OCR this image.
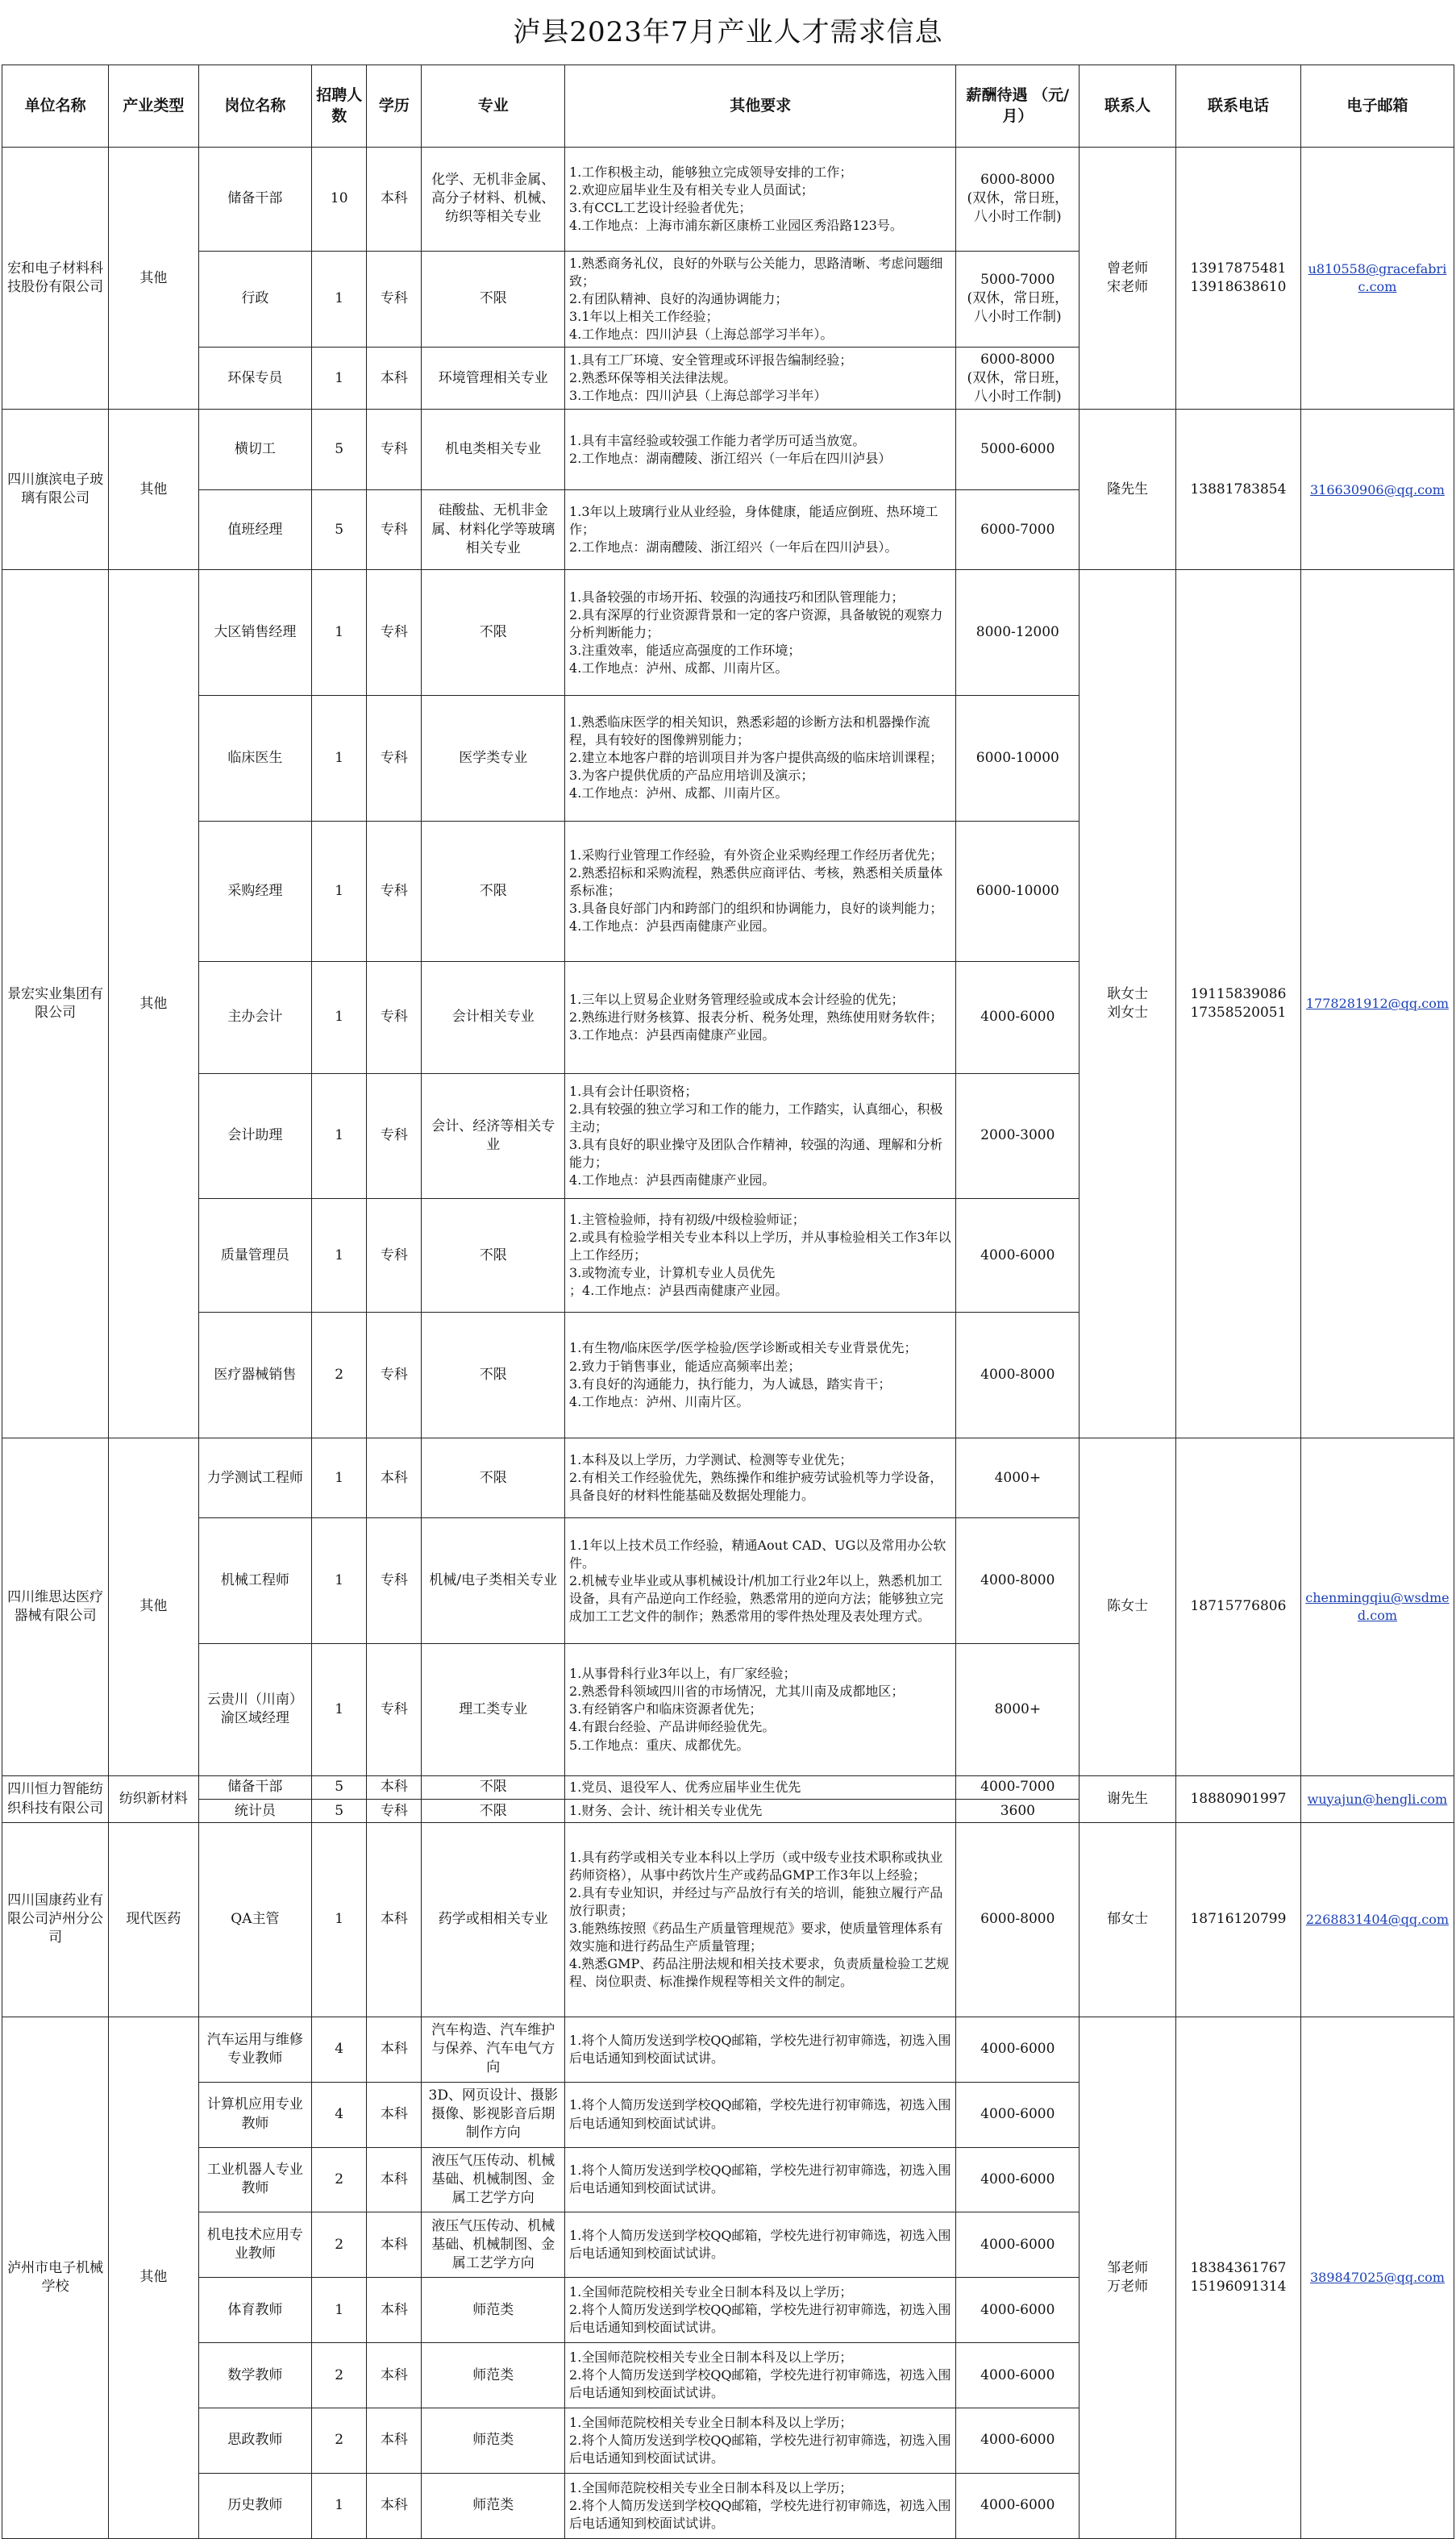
泸县2023年7月产业人才需求信息
单位名称	产业类型	岗位名称	招聘人数	学历	专业	其他要求	薪酬待遇 （元/月）	联系人	联系电话	电子邮箱
宏和电子材料科技股份有限公司	其他	储备干部	10	本科	化学、无机非金属、高分子材料、机械、纺织等相关专业	1.工作积极主动，能够独立完成领导安排的工作；
2.欢迎应届毕业生及有相关专业人员面试；
3.有CCL工艺设计经验者优先；
4.工作地点：上海市浦东新区康桥工业园区秀沿路123号。	6000-8000
(双休，常日班，八小时工作制)	曾老师
宋老师	13917875481
13918638610	u810558@gracefabric.com
		行政	1	专科	不限	1.熟悉商务礼仪，良好的外联与公关能力，思路清晰、考虑问题细致；
2.有团队精神、良好的沟通协调能力；
3.1年以上相关工作经验；
4.工作地点：四川泸县（上海总部学习半年）。	5000-7000
(双休，常日班，八小时工作制)			
		环保专员	1	本科	环境管理相关专业	1.具有工厂环境、安全管理或环评报告编制经验；
2.熟悉环保等相关法律法规。
3.工作地点：四川泸县（上海总部学习半年）	6000-8000
(双休，常日班，八小时工作制)			
四川旗滨电子玻璃有限公司	其他	横切工	5	专科	机电类相关专业	1.具有丰富经验或较强工作能力者学历可适当放宽。
2.工作地点：湖南醴陵、浙江绍兴（一年后在四川泸县）	5000-6000	隆先生	13881783854	316630906@qq.com
		值班经理	5	专科	硅酸盐、无机非金属、材料化学等玻璃相关专业	1.3年以上玻璃行业从业经验，身体健康，能适应倒班、热环境工作；
2.工作地点：湖南醴陵、浙江绍兴（一年后在四川泸县）。	6000-7000			
景宏实业集团有限公司	其他	大区销售经理	1	专科	不限	1.具备较强的市场开拓、较强的沟通技巧和团队管理能力；
2.具有深厚的行业资源背景和一定的客户资源，具备敏锐的观察力分析判断能力；
3.注重效率，能适应高强度的工作环境；
4.工作地点：泸州、成都、川南片区。	8000-12000	耿女士
刘女士	19115839086
17358520051	1778281912@qq.com
		临床医生	1	专科	医学类专业	1.熟悉临床医学的相关知识，熟悉彩超的诊断方法和机器操作流程，具有较好的图像辨别能力；
2.建立本地客户群的培训项目并为客户提供高级的临床培训课程；
3.为客户提供优质的产品应用培训及演示；
4.工作地点：泸州、成都、川南片区。	6000-10000			
		采购经理	1	专科	不限	1.采购行业管理工作经验，有外资企业采购经理工作经历者优先；
2.熟悉招标和采购流程，熟悉供应商评估、考核，熟悉相关质量体系标准；
3.具备良好部门内和跨部门的组织和协调能力，良好的谈判能力；
4.工作地点：泸县西南健康产业园。	6000-10000			
		主办会计	1	专科	会计相关专业	1.三年以上贸易企业财务管理经验或成本会计经验的优先；
2.熟练进行财务核算、报表分析、税务处理，熟练使用财务软件；
3.工作地点：泸县西南健康产业园。	4000-6000			
		会计助理	1	专科	会计、经济等相关专业	1.具有会计任职资格；
2.具有较强的独立学习和工作的能力，工作踏实，认真细心，积极主动；
3.具有良好的职业操守及团队合作精神，较强的沟通、理解和分析能力；
4.工作地点：泸县西南健康产业园。	2000-3000			
		质量管理员	1	专科	不限	1.主管检验师，持有初级/中级检验师证；
2.或具有检验学相关专业本科以上学历，并从事检验相关工作3年以上工作经历；
3.或物流专业，计算机专业人员优先
；4.工作地点：泸县西南健康产业园。	4000-6000			
		医疗器械销售	2	专科	不限	1.有生物/临床医学/医学检验/医学诊断或相关专业背景优先；
2.致力于销售事业，能适应高频率出差；
3.有良好的沟通能力，执行能力，为人诚恳，踏实肯干；
4.工作地点：泸州、川南片区。	4000-8000			
四川维思达医疗器械有限公司	其他	力学测试工程师	1	本科	不限	1.本科及以上学历，力学测试、检测等专业优先；
2.有相关工作经验优先，熟练操作和维护疲劳试验机等力学设备，具备良好的材料性能基础及数据处理能力。	4000+	陈女士	18715776806	chenmingqiu@wsdmed.com
		机械工程师	1	专科	机械/电子类相关专业	1.1年以上技术员工作经验，精通Aout CAD、UG以及常用办公软件。
2.机械专业毕业或从事机械设计/机加工行业2年以上，熟悉机加工设备，具有产品逆向工作经验，熟悉常用的逆向方法；能够独立完成加工工艺文件的制作；熟悉常用的零件热处理及表处理方式。	4000-8000			
		云贵川（川南）渝区域经理	1	专科	理工类专业	1.从事骨科行业3年以上，有厂家经验；
2.熟悉骨科领域四川省的市场情况，尤其川南及成都地区；
3.有经销客户和临床资源者优先；
4.有跟台经验、产品讲师经验优先。
5.工作地点：重庆、成都优先。	8000+			
四川恒力智能纺织科技有限公司	纺织新材料	储备干部	5	本科	不限	1.党员、退役军人、优秀应届毕业生优先	4000-7000	谢先生	18880901997	wuyajun@hengli.com
		统计员	5	专科	不限	1.财务、会计、统计相关专业优先	3600			
四川国康药业有限公司泸州分公司	现代医药	QA主管	1	本科	药学或相相关专业	1.具有药学或相关专业本科以上学历（或中级专业技术职称或执业药师资格），从事中药饮片生产或药品GMP工作3年以上经验；
2.具有专业知识，并经过与产品放行有关的培训，能独立履行产品放行职责；
3.能熟练按照《药品生产质量管理规范》要求，使质量管理体系有效实施和进行药品生产质量管理；
4.熟悉GMP、药品注册法规和相关技术要求，负责质量检验工艺规程、岗位职责、标准操作规程等相关文件的制定。	6000-8000	郁女士	18716120799	2268831404@qq.com
泸州市电子机械学校	其他	汽车运用与维修专业教师	4	本科	汽车构造、汽车维护与保养、汽车电气方向	1.将个人简历发送到学校QQ邮箱，学校先进行初审筛选，初选入围后电话通知到校面试试讲。	4000-6000	邹老师
万老师	18384361767
15196091314	389847025@qq.com
		计算机应用专业教师	4	本科	3D、网页设计、摄影摄像、影视影音后期制作方向	1.将个人简历发送到学校QQ邮箱，学校先进行初审筛选，初选入围后电话通知到校面试试讲。	4000-6000			
		工业机器人专业教师	2	本科	液压气压传动、机械基础、机械制图、金属工艺学方向	1.将个人简历发送到学校QQ邮箱，学校先进行初审筛选，初选入围后电话通知到校面试试讲。	4000-6000			
		机电技术应用专业教师	2	本科	液压气压传动、机械基础、机械制图、金属工艺学方向	1.将个人简历发送到学校QQ邮箱，学校先进行初审筛选，初选入围后电话通知到校面试试讲。	4000-6000			
		体育教师	1	本科	师范类	1.全国师范院校相关专业全日制本科及以上学历；
2.将个人简历发送到学校QQ邮箱，学校先进行初审筛选，初选入围后电话通知到校面试试讲。	4000-6000			
		数学教师	2	本科	师范类	1.全国师范院校相关专业全日制本科及以上学历；
2.将个人简历发送到学校QQ邮箱，学校先进行初审筛选，初选入围后电话通知到校面试试讲。	4000-6000			
		思政教师	2	本科	师范类	1.全国师范院校相关专业全日制本科及以上学历；
2.将个人简历发送到学校QQ邮箱，学校先进行初审筛选，初选入围后电话通知到校面试试讲。	4000-6000			
		历史教师	1	本科	师范类	1.全国师范院校相关专业全日制本科及以上学历；
2.将个人简历发送到学校QQ邮箱，学校先进行初审筛选，初选入围后电话通知到校面试试讲。	4000-6000			
